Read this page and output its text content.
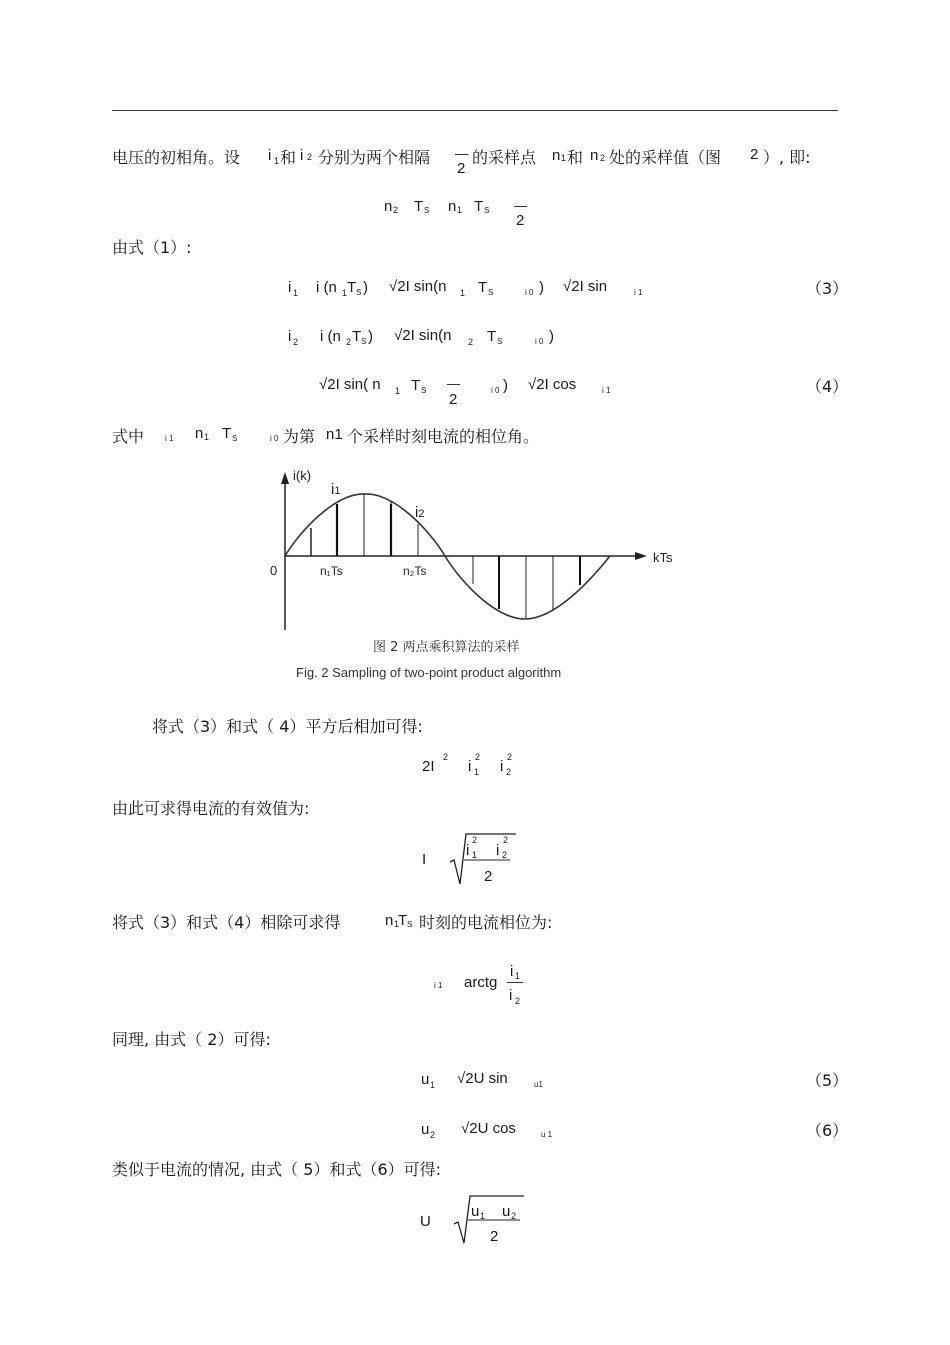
电压的初相角。设 i 1 和 i 2 分别为两个相隔
2
的采样点 n 1 和 n 2 处的采样值（图 2 ）, 即:
n 2 T S n 1 T S
2
由式（1）:
i 1 i (n 1 T S ) √2I sin(n 1 T S	i 0 ) √2I sin	i 1	（3）
i 2 i (n 2 T S ) √2I sin(n 2 T S	i 0 )
√2I sin( n 1 T S
2
i 0 ) √2I cos	i 1	（4）
式中	i 1 n 1 T S	i 0 为第 n1 个采样时刻电流的相位角。
i(k)
i1
i2
0	n₁Ts	n₂Ts
kTs
图 2 两点乘积算法的采样
Fig. 2 Sampling of two-point product algorithm
将式（3）和式（ 4）平方后相加可得:
2I
2
i 1
2
i 2
2
由此可求得电流的有效值为:
I
i 1
2
i 2
2
2
将式（3）和式（4）相除可求得	n 1
T S 时刻的电流相位为:
i 1 arctg
i 1
i 2
同理, 由式（ 2）可得:
u 1 √2U sin	u1	（5）
u 2 √2U cos	u 1	（6）
类似于电流的情况, 由式（ 5）和式（6）可得:
U
u 1 u 2
2
